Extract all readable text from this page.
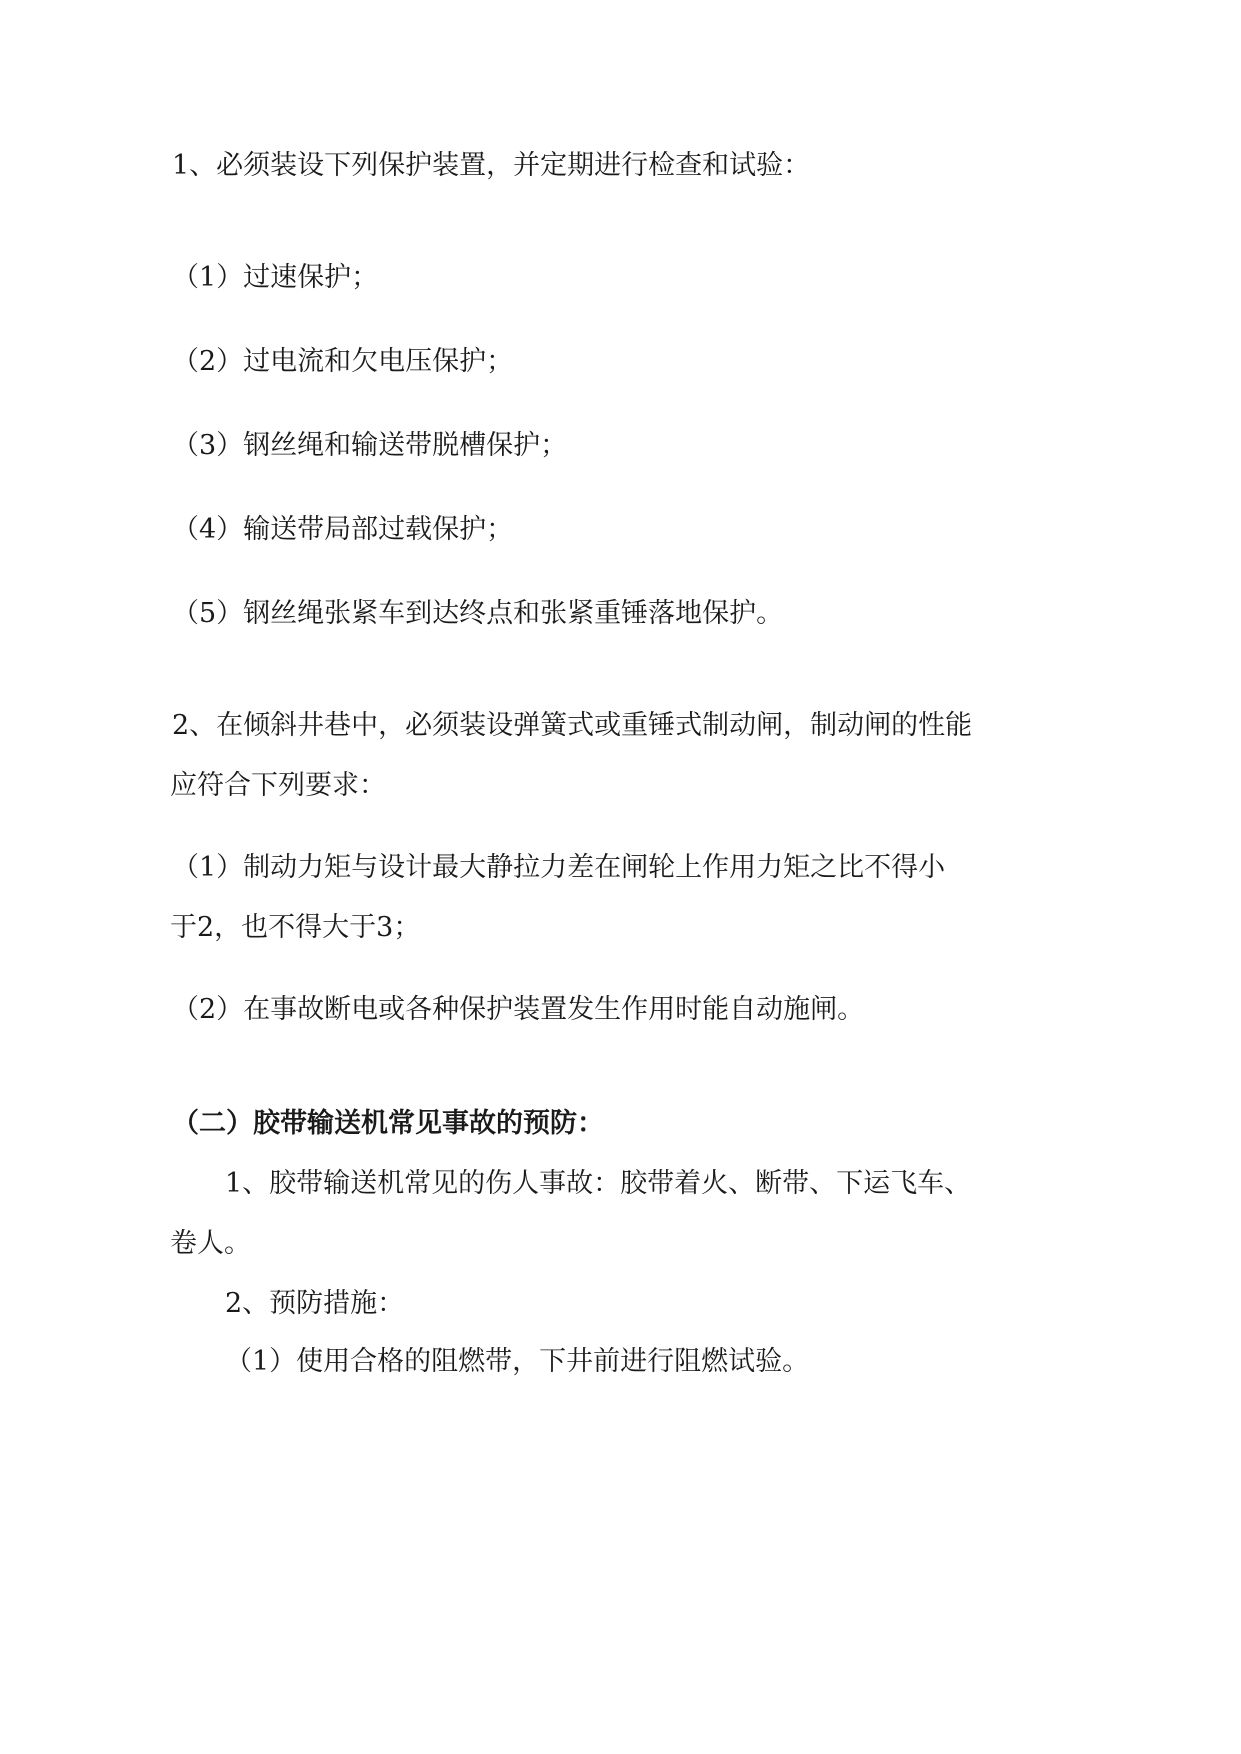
1、必须装设下列保护装置，并定期进行检查和试验：
（1）过速保护；
（2）过电流和欠电压保护；
（3）钢丝绳和输送带脱槽保护；
（4）输送带局部过载保护；
（5）钢丝绳张紧车到达终点和张紧重锤落地保护。
2、在倾斜井巷中，必须装设弹簧式或重锤式制动闸，制动闸的性能
应符合下列要求：
（1）制动力矩与设计最大静拉力差在闸轮上作用力矩之比不得小
于2，也不得大于3；
（2）在事故断电或各种保护装置发生作用时能自动施闸。
（二）胶带输送机常见事故的预防：
1、胶带输送机常见的伤人事故：胶带着火、断带、下运飞车、
卷人。
2、预防措施：
（1）使用合格的阻燃带，下井前进行阻燃试验。
